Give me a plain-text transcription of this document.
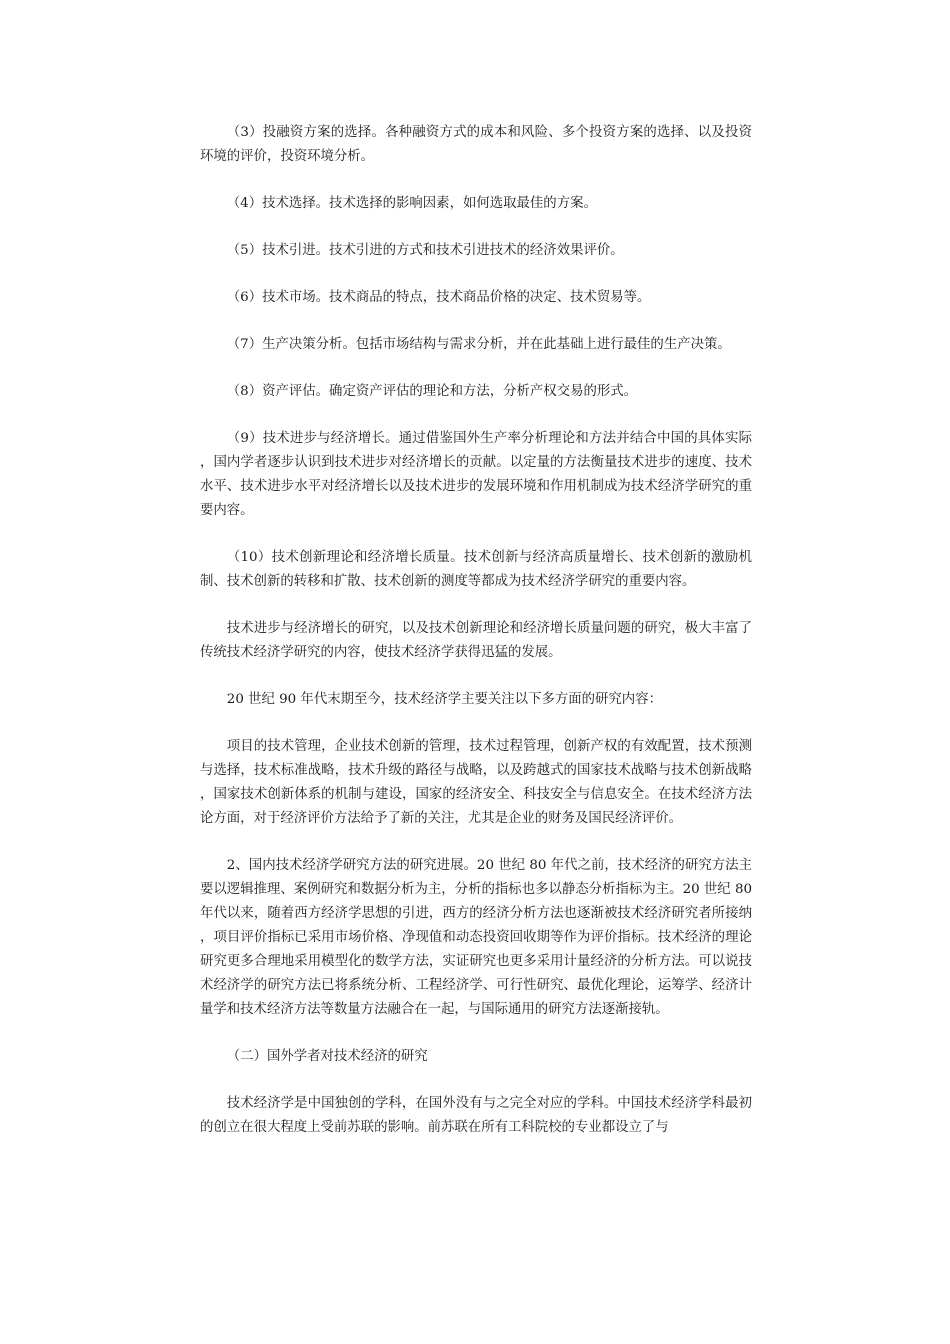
（3）投融资方案的选择。各种融资方式的成本和风险、多个投资方案的选择、以及投资环境的评价，投资环境分析。

（4）技术选择。技术选择的影响因素，如何选取最佳的方案。

（5）技术引进。技术引进的方式和技术引进技术的经济效果评价。

（6）技术市场。技术商品的特点，技术商品价格的决定、技术贸易等。

（7）生产决策分析。包括市场结构与需求分析，并在此基础上进行最佳的生产决策。

（8）资产评估。确定资产评估的理论和方法，分析产权交易的形式。

（9）技术进步与经济增长。通过借鉴国外生产率分析理论和方法并结合中国的具体实际，国内学者逐步认识到技术进步对经济增长的贡献。以定量的方法衡量技术进步的速度、技术水平、技术进步水平对经济增长以及技术进步的发展环境和作用机制成为技术经济学研究的重要内容。

（10）技术创新理论和经济增长质量。技术创新与经济高质量增长、技术创新的激励机制、技术创新的转移和扩散、技术创新的测度等都成为技术经济学研究的重要内容。

技术进步与经济增长的研究，以及技术创新理论和经济增长质量问题的研究，极大丰富了传统技术经济学研究的内容，使技术经济学获得迅猛的发展。

20 世纪 90 年代末期至今，技术经济学主要关注以下多方面的研究内容：

项目的技术管理，企业技术创新的管理，技术过程管理，创新产权的有效配置，技术预测与选择，技术标准战略，技术升级的路径与战略，以及跨越式的国家技术战略与技术创新战略，国家技术创新体系的机制与建设，国家的经济安全、科技安全与信息安全。在技术经济方法论方面，对于经济评价方法给予了新的关注，尤其是企业的财务及国民经济评价。

2、国内技术经济学研究方法的研究进展。20 世纪 80 年代之前，技术经济的研究方法主要以逻辑推理、案例研究和数据分析为主，分析的指标也多以静态分析指标为主。20 世纪 80 年代以来，随着西方经济学思想的引进，西方的经济分析方法也逐渐被技术经济研究者所接纳，项目评价指标已采用市场价格、净现值和动态投资回收期等作为评价指标。技术经济的理论研究更多合理地采用模型化的数学方法，实证研究也更多采用计量经济的分析方法。可以说技术经济学的研究方法已将系统分析、工程经济学、可行性研究、最优化理论，运筹学、经济计量学和技术经济方法等数量方法融合在一起，与国际通用的研究方法逐渐接轨。

（二）国外学者对技术经济的研究

技术经济学是中国独创的学科，在国外没有与之完全对应的学科。中国技术经济学科最初的创立在很大程度上受前苏联的影响。前苏联在所有工科院校的专业都设立了与
